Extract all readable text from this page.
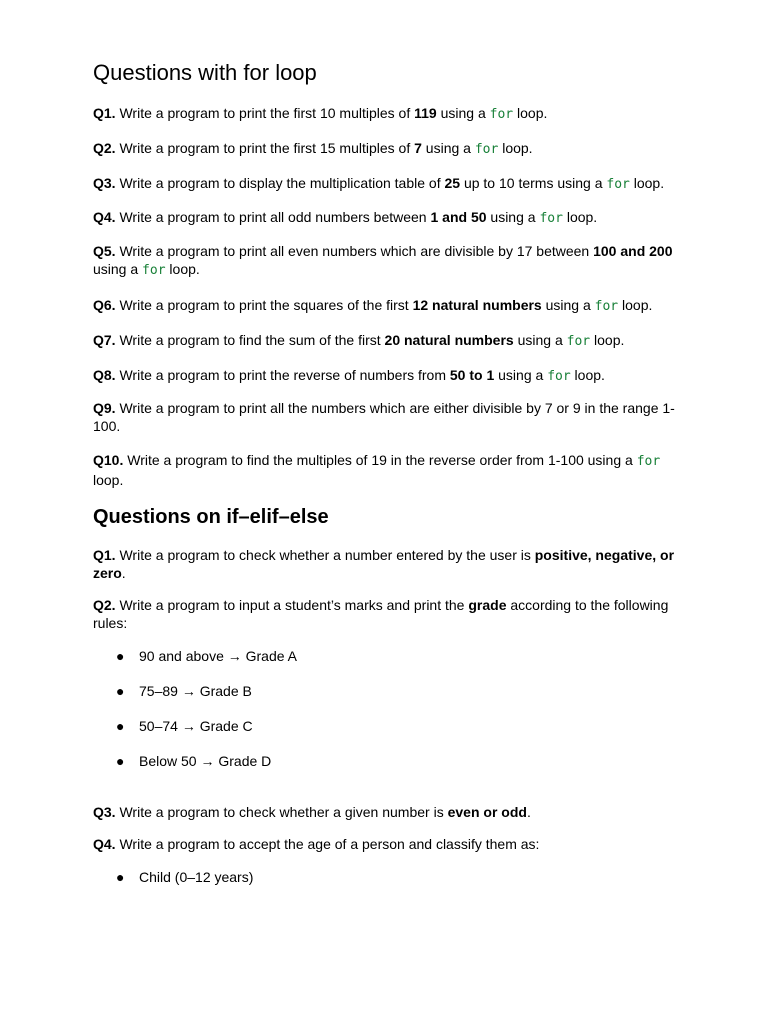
Questions with for loop

Q1. Write a program to print the first 10 multiples of 119 using a for loop.

Q2. Write a program to print the first 15 multiples of 7 using a for loop.

Q3. Write a program to display the multiplication table of 25 up to 10 terms using a for loop.

Q4. Write a program to print all odd numbers between 1 and 50 using a for loop.

Q5. Write a program to print all even numbers which are divisible by 17 between 100 and 200 using a for loop.

Q6. Write a program to print the squares of the first 12 natural numbers using a for loop.

Q7. Write a program to find the sum of the first 20 natural numbers using a for loop.

Q8. Write a program to print the reverse of numbers from 50 to 1 using a for loop.

Q9. Write a program to print all the numbers which are either divisible by 7 or 9 in the range 1-100.

Q10. Write a program to find the multiples of 19 in the reverse order from 1-100 using a for loop.

Questions on if–elif–else

Q1. Write a program to check whether a number entered by the user is positive, negative, or zero.

Q2. Write a program to input a student’s marks and print the grade according to the following rules:

● 90 and above → Grade A
● 75–89 → Grade B
● 50–74 → Grade C
● Below 50 → Grade D

Q3. Write a program to check whether a given number is even or odd.

Q4. Write a program to accept the age of a person and classify them as:

● Child (0–12 years)
